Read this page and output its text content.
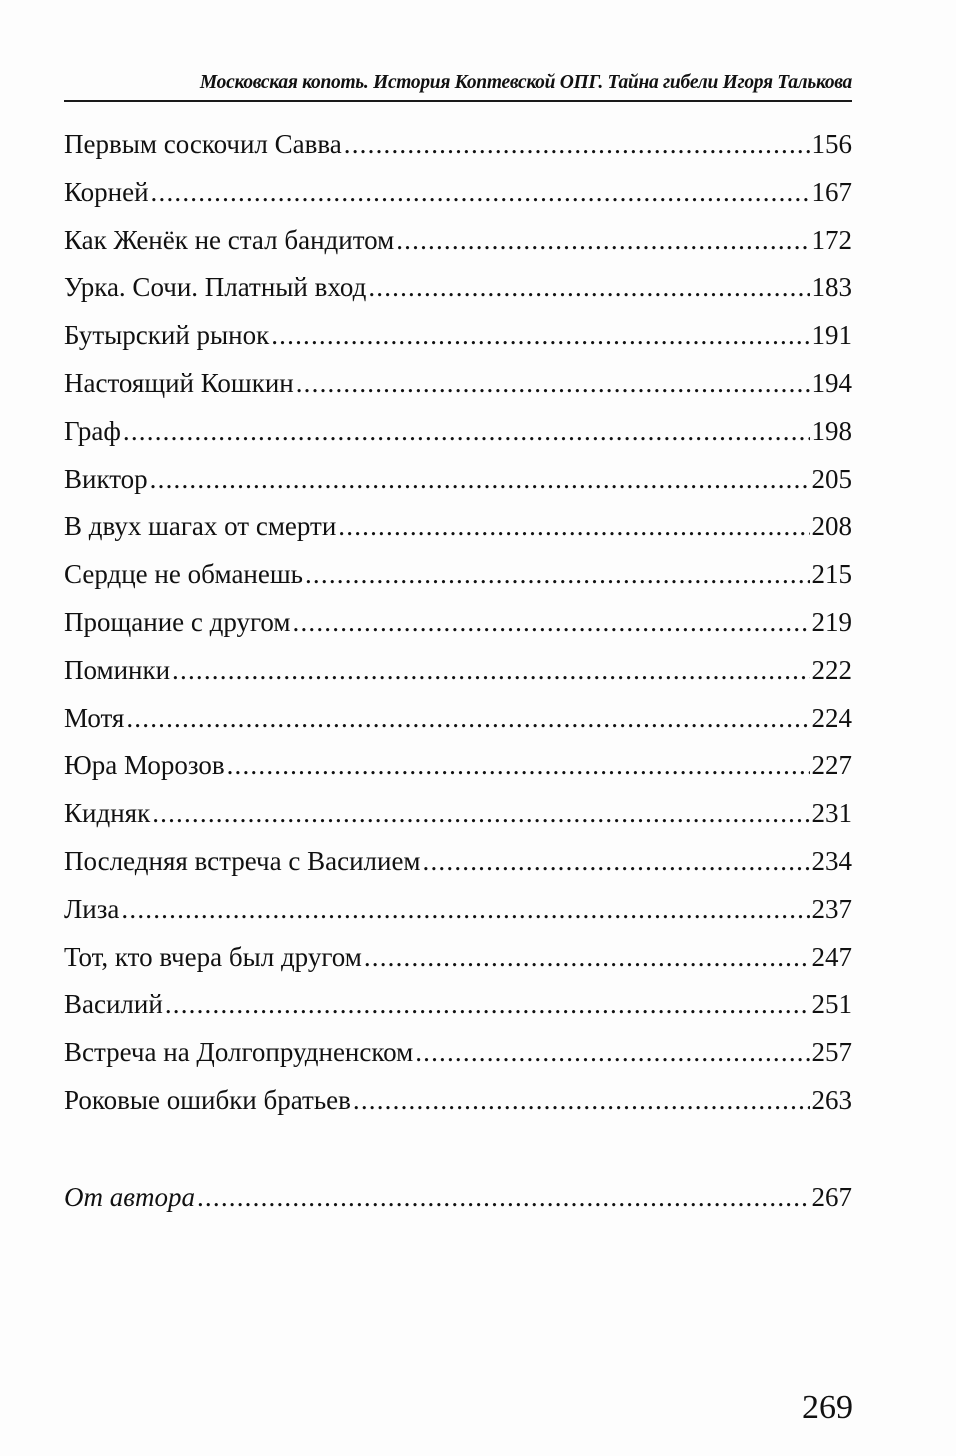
Московская копоть. История Коптевской ОПГ. Тайна гибели Игоря Талькова
Первым соскочил Савва .....	156
Корней .....	167
Как Женёк не стал бандитом .....	172
Урка. Сочи. Платный вход .....	183
Бутырский рынок .....	191
Настоящий Кошкин .....	194
Граф .....	198
Виктор .....	205
В двух шагах от смерти .....	208
Сердце не обманешь .....	215
Прощание с другом .....	219
Поминки .....	222
Мотя .....	224
Юра Морозов .....	227
Кидняк .....	231
Последняя встреча с Василием .....	234
Лиза .....	237
Тот, кто вчера был другом .....	247
Василий .....	251
Встреча на Долгопрудненском .....	257
Роковые ошибки братьев .....	263
От автора .....	267
269
